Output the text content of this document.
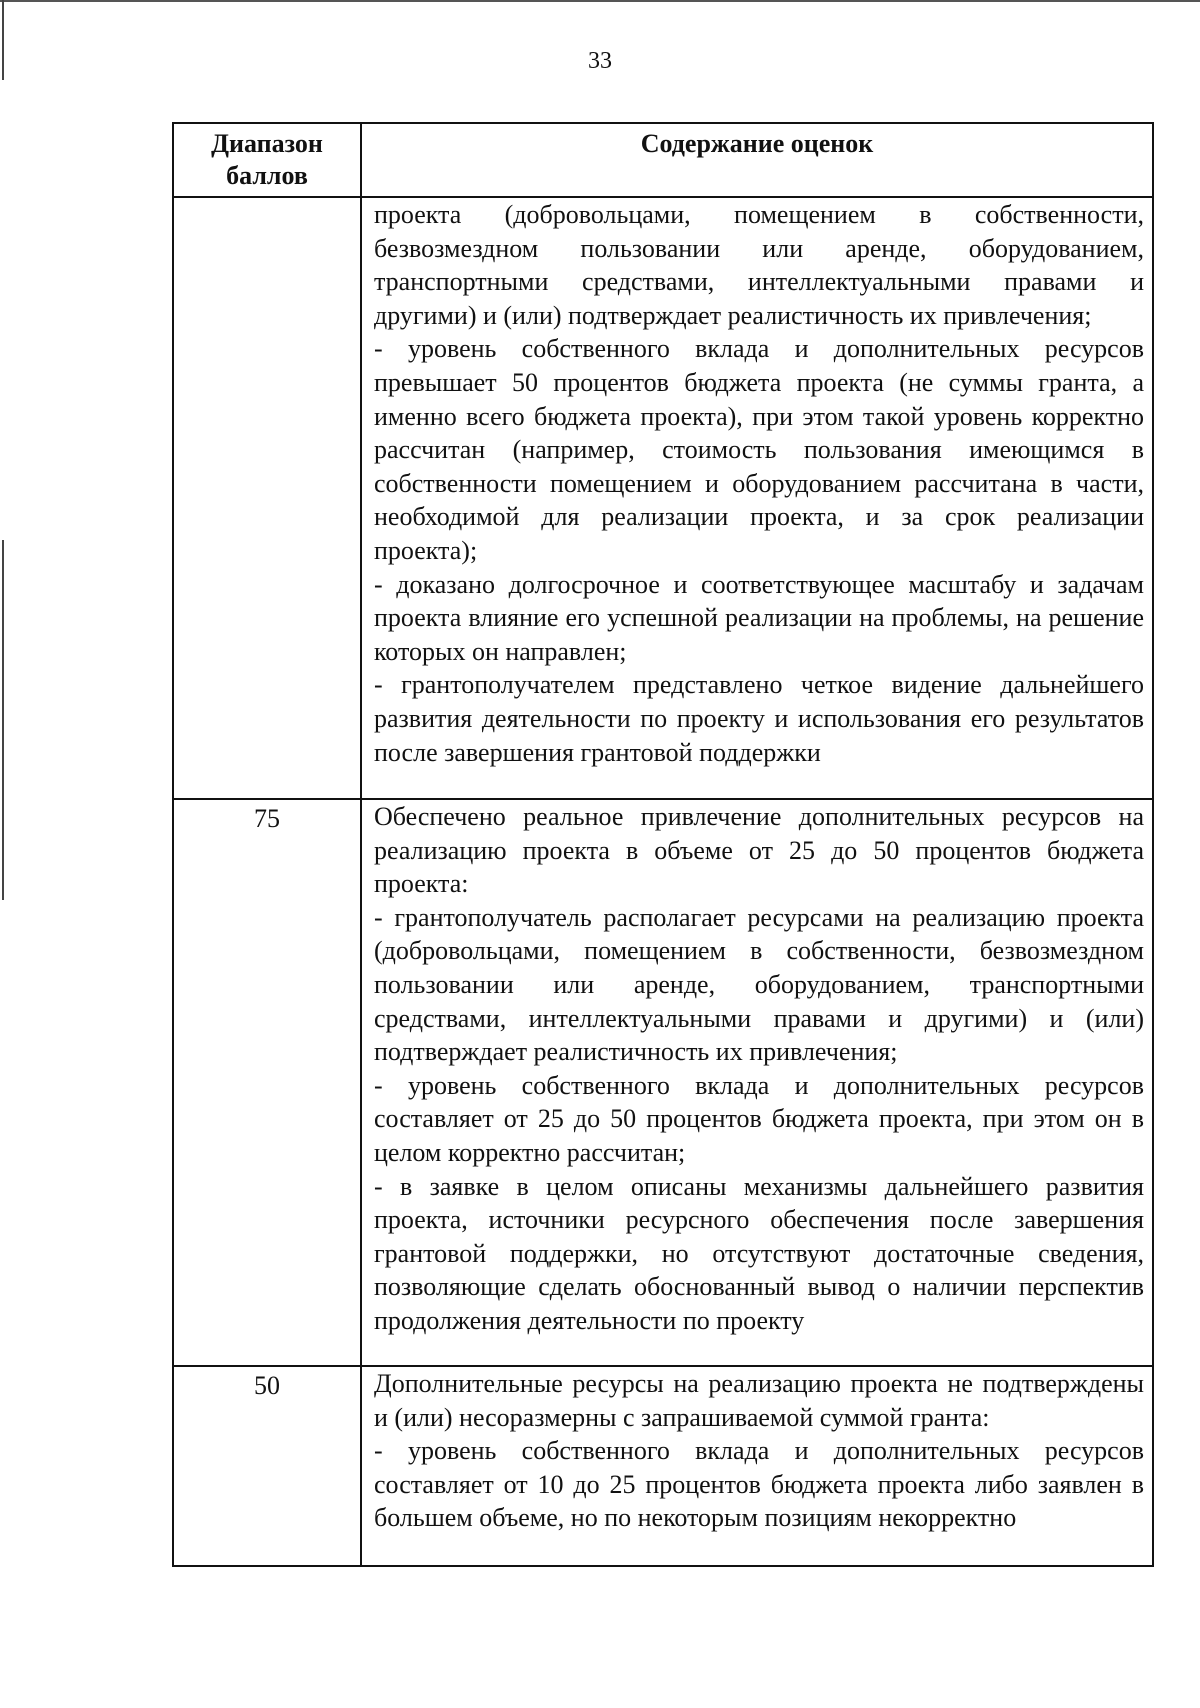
33
Диапазон баллов	Содержание оценок

	проекта (добровольцами, помещением в собственности, безвозмездном пользовании или аренде, оборудованием, транспортными средствами, интеллектуальными правами и другими) и (или) подтверждает реалистичность их привлечения;

- уровень собственного вклада и дополнительных ресурсов превышает 50 процентов бюджета проекта (не суммы гранта, а именно всего бюджета проекта), при этом такой уровень корректно рассчитан (например, стоимость пользования имеющимся в собственности помещением и оборудованием рассчитана в части, необходимой для реализации проекта, и за срок реализации проекта);

- доказано долгосрочное и соответствующее масштабу и задачам проекта влияние его успешной реализации на проблемы, на решение которых он направлен;

- грантополучателем представлено четкое видение дальнейшего развития деятельности по проекту и использования его результатов после завершения грантовой поддержки

75	Обеспечено реальное привлечение дополнительных ресурсов на реализацию проекта в объеме от 25 до 50 процентов бюджета проекта:

- грантополучатель располагает ресурсами на реализацию проекта (добровольцами, помещением в собственности, безвозмездном пользовании или аренде, оборудованием, транспортными средствами, интеллектуальными правами и другими) и (или) подтверждает реалистичность их привлечения;

- уровень собственного вклада и дополнительных ресурсов составляет от 25 до 50 процентов бюджета проекта, при этом он в целом корректно рассчитан;

- в заявке в целом описаны механизмы дальнейшего развития проекта, источники ресурсного обеспечения после завершения грантовой поддержки, но отсутствуют достаточные сведения, позволяющие сделать обоснованный вывод о наличии перспектив продолжения деятельности по проекту

50	Дополнительные ресурсы на реализацию проекта не подтверждены и (или) несоразмерны с запрашиваемой суммой гранта:

- уровень собственного вклада и дополнительных ресурсов составляет от 10 до 25 процентов бюджета проекта либо заявлен в большем объеме, но по некоторым позициям некорректно
